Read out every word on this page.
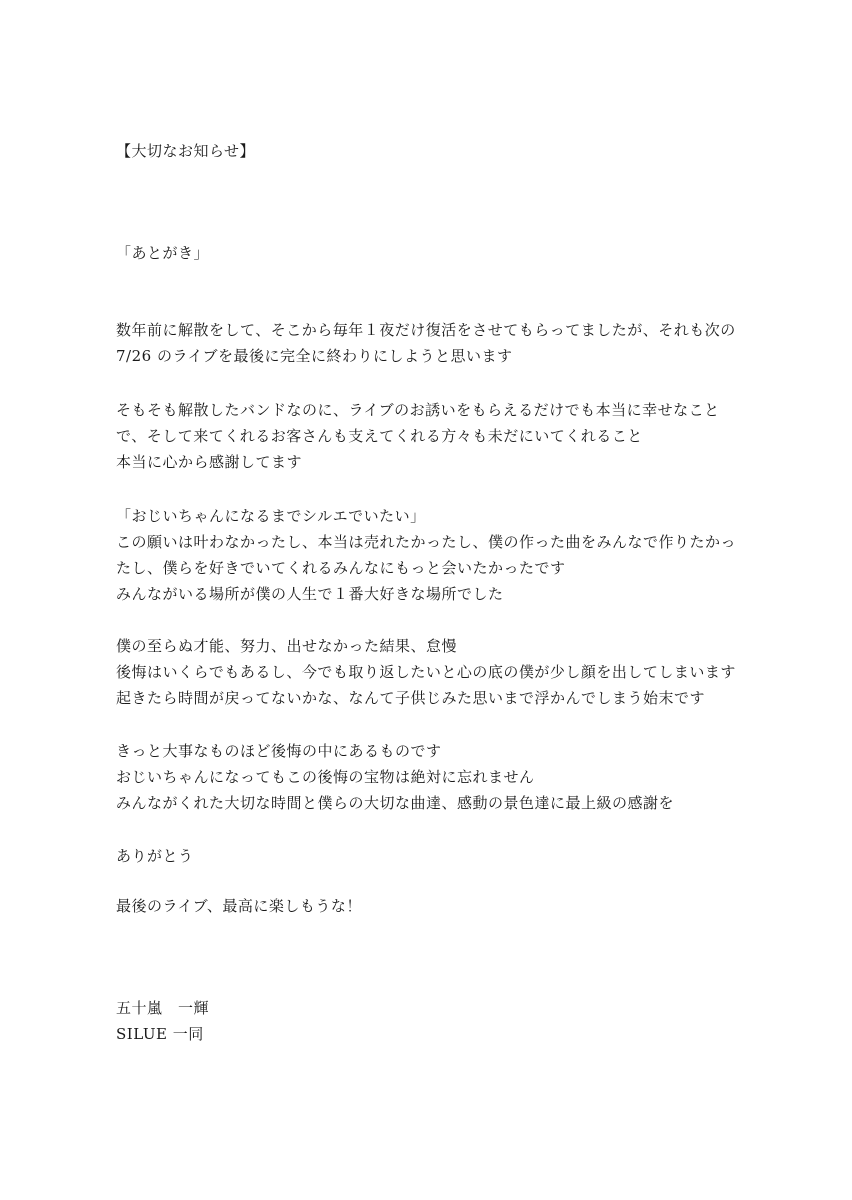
【大切なお知らせ】
「あとがき」
数年前に解散をして、そこから毎年１夜だけ復活をさせてもらってましたが、それも次の
7/26 のライブを最後に完全に終わりにしようと思います
そもそも解散したバンドなのに、ライブのお誘いをもらえるだけでも本当に幸せなこと
で、そして来てくれるお客さんも支えてくれる方々も未だにいてくれること
本当に心から感謝してます
「おじいちゃんになるまでシルエでいたい」
この願いは叶わなかったし、本当は売れたかったし、僕の作った曲をみんなで作りたかっ
たし、僕らを好きでいてくれるみんなにもっと会いたかったです
みんながいる場所が僕の人生で１番大好きな場所でした
僕の至らぬ才能、努力、出せなかった結果、怠慢
後悔はいくらでもあるし、今でも取り返したいと心の底の僕が少し顔を出してしまいます
起きたら時間が戻ってないかな、なんて子供じみた思いまで浮かんでしまう始末です
きっと大事なものほど後悔の中にあるものです
おじいちゃんになってもこの後悔の宝物は絶対に忘れません
みんながくれた大切な時間と僕らの大切な曲達、感動の景色達に最上級の感謝を
ありがとう
最後のライブ、最高に楽しもうな！
五十嵐　一輝
SILUE 一同
